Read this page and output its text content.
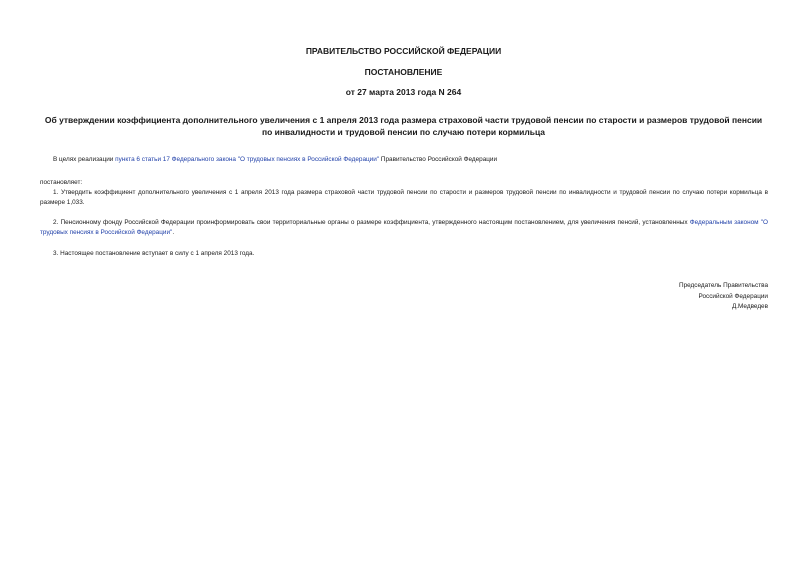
ПРАВИТЕЛЬСТВО РОССИЙСКОЙ ФЕДЕРАЦИИ
ПОСТАНОВЛЕНИЕ
от 27 марта 2013 года N 264
Об утверждении коэффициента дополнительного увеличения с 1 апреля 2013 года размера страховой части трудовой пенсии по старости и размеров трудовой пенсии по инвалидности и трудовой пенсии по случаю потери кормильца
В целях реализации пункта 6 статьи 17 Федерального закона "О трудовых пенсиях в Российской Федерации" Правительство Российской Федерации
постановляет:
1. Утвердить коэффициент дополнительного увеличения с 1 апреля 2013 года размера страховой части трудовой пенсии по старости и размеров трудовой пенсии по инвалидности и трудовой пенсии по случаю потери кормильца в размере 1,033.
2. Пенсионному фонду Российской Федерации проинформировать свои территориальные органы о размере коэффициента, утвержденного настоящим постановлением, для увеличения пенсий, установленных Федеральным законом "О трудовых пенсиях в Российской Федерации".
3. Настоящее постановление вступает в силу с 1 апреля 2013 года.
Председатель Правительства
Российской Федерации
Д.Медведев
